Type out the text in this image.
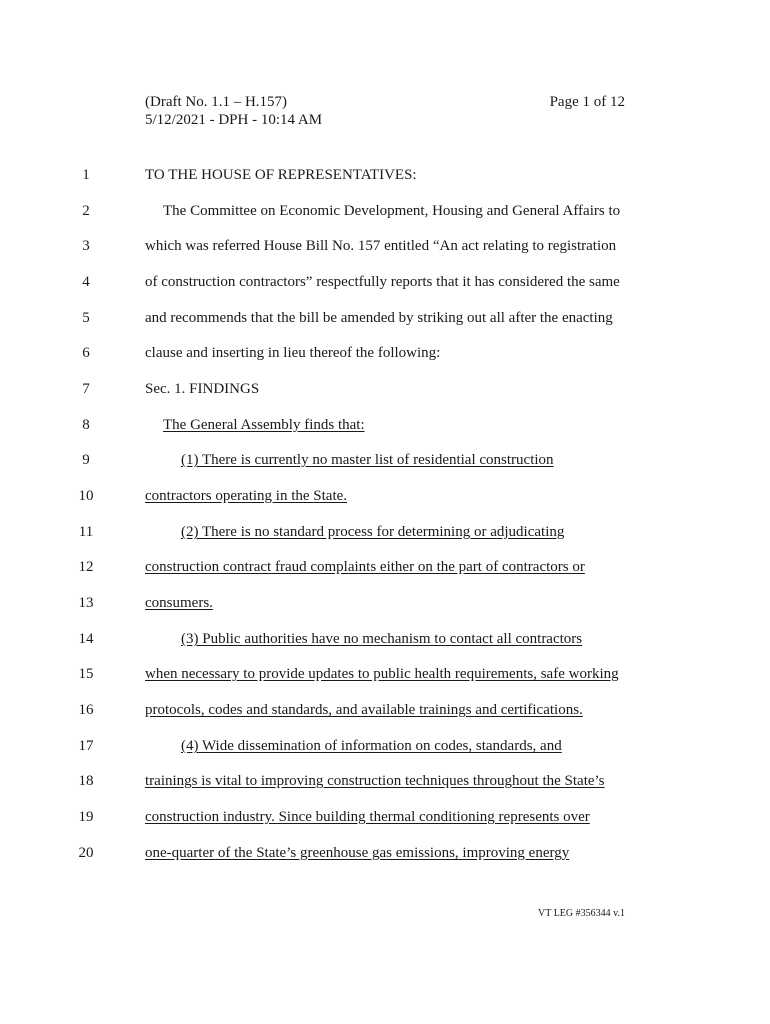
(Draft No. 1.1 – H.157)
5/12/2021 - DPH - 10:14 AM
Page 1 of 12
1	TO THE HOUSE OF REPRESENTATIVES:
2	The Committee on Economic Development, Housing and General Affairs to
3	which was referred House Bill No. 157 entitled “An act relating to registration
4	of construction contractors” respectfully reports that it has considered the same
5	and recommends that the bill be amended by striking out all after the enacting
6	clause and inserting in lieu thereof the following:
7	Sec. 1. FINDINGS
8	The General Assembly finds that:
9	(1) There is currently no master list of residential construction
10	contractors operating in the State.
11	(2) There is no standard process for determining or adjudicating
12	construction contract fraud complaints either on the part of contractors or
13	consumers.
14	(3) Public authorities have no mechanism to contact all contractors
15	when necessary to provide updates to public health requirements, safe working
16	protocols, codes and standards, and available trainings and certifications.
17	(4) Wide dissemination of information on codes, standards, and
18	trainings is vital to improving construction techniques throughout the State’s
19	construction industry. Since building thermal conditioning represents over
20	one-quarter of the State’s greenhouse gas emissions, improving energy
VT LEG #356344 v.1
